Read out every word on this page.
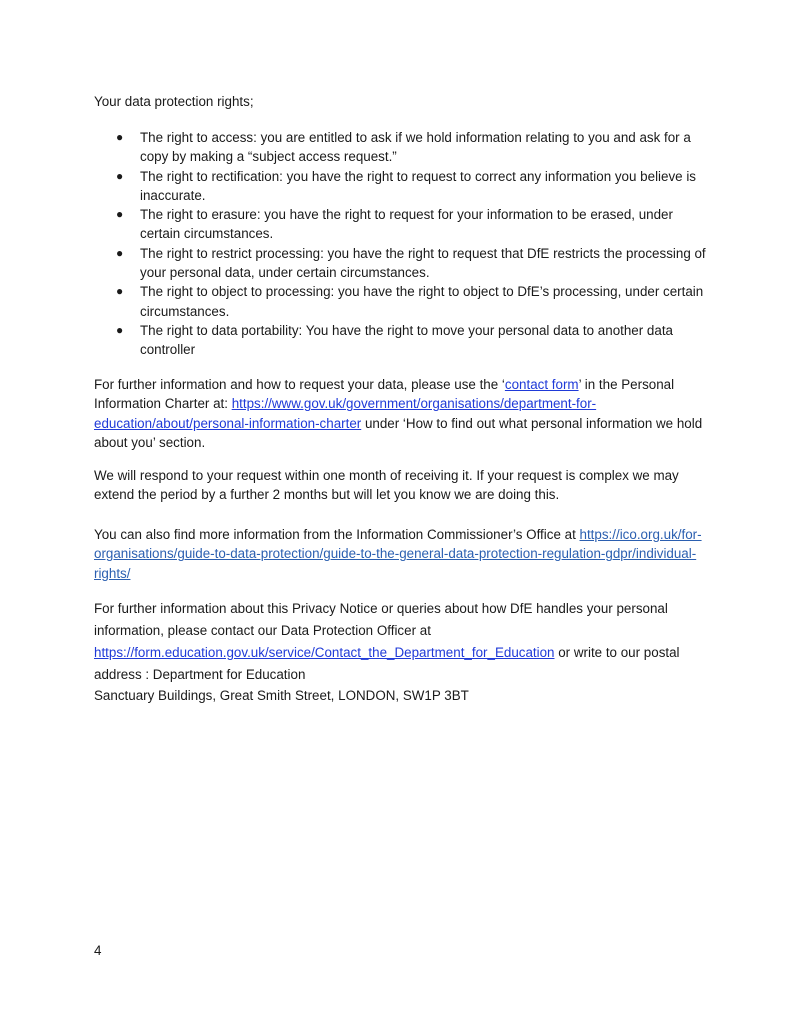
Your data protection rights;

● The right to access: you are entitled to ask if we hold information relating to you and ask for a copy by making a “subject access request.”
● The right to rectification: you have the right to request to correct any information you believe is inaccurate.
● The right to erasure: you have the right to request for your information to be erased, under certain circumstances.
● The right to restrict processing: you have the right to request that DfE restricts the processing of your personal data, under certain circumstances.
● The right to object to processing: you have the right to object to DfE’s processing, under certain circumstances.
● The right to data portability: You have the right to move your personal data to another data controller

For further information and how to request your data, please use the ‘contact form’ in the Personal Information Charter at: https://www.gov.uk/government/organisations/department-for-education/about/personal-information-charter under ‘How to find out what personal information we hold about you’ section.

We will respond to your request within one month of receiving it. If your request is complex we may extend the period by a further 2 months but will let you know we are doing this.

You can also find more information from the Information Commissioner’s Office at https://ico.org.uk/for-organisations/guide-to-data-protection/guide-to-the-general-data-protection-regulation-gdpr/individual-rights/

For further information about this Privacy Notice or queries about how DfE handles your personal information, please contact our Data Protection Officer at https://form.education.gov.uk/service/Contact_the_Department_for_Education or write to our postal address : Department for Education

Sanctuary Buildings, Great Smith Street, LONDON, SW1P 3BT

4
